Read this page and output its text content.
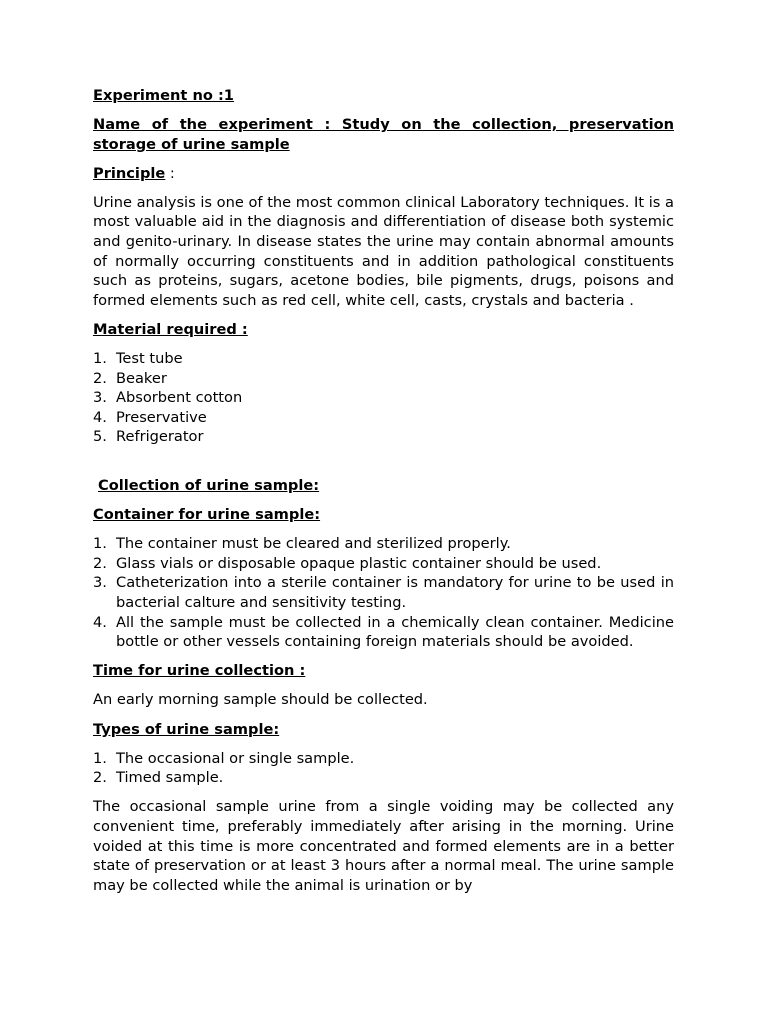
Experiment no :1
Name of the experiment : Study on the collection, preservation storage of urine sample
Principle :

Urine analysis is one of the most common clinical Laboratory techniques. It is a most valuable aid in the diagnosis and differentiation of disease both systemic and genito-urinary. In disease states the urine may contain abnormal amounts of normally occurring constituents and in addition pathological constituents such as proteins, sugars, acetone bodies, bile pigments, drugs, poisons and formed elements such as red cell, white cell, casts, crystals and bacteria .

Material required :
1. Test tube
2. Beaker
3. Absorbent cotton
4. Preservative
5. Refrigerator
Collection of urine sample:
Container for urine sample:
1. The container must be cleared and sterilized properly.
2. Glass vials or disposable opaque plastic container should be used.
3. Catheterization into a sterile container is mandatory for urine to be used in bacterial calture and sensitivity testing.
4. All the sample must be collected in a chemically clean container. Medicine bottle or other vessels containing foreign materials should be avoided.
Time for urine collection :

An early morning sample should be collected.

Types of urine sample:
1. The occasional or single sample.
2. Timed sample.

The occasional sample urine from a single voiding may be collected any convenient time, preferably immediately after arising in the morning. Urine voided at this time is more concentrated and formed elements are in a better state of preservation or at least 3 hours after a normal meal. The urine sample may be collected while the animal is urination or by
